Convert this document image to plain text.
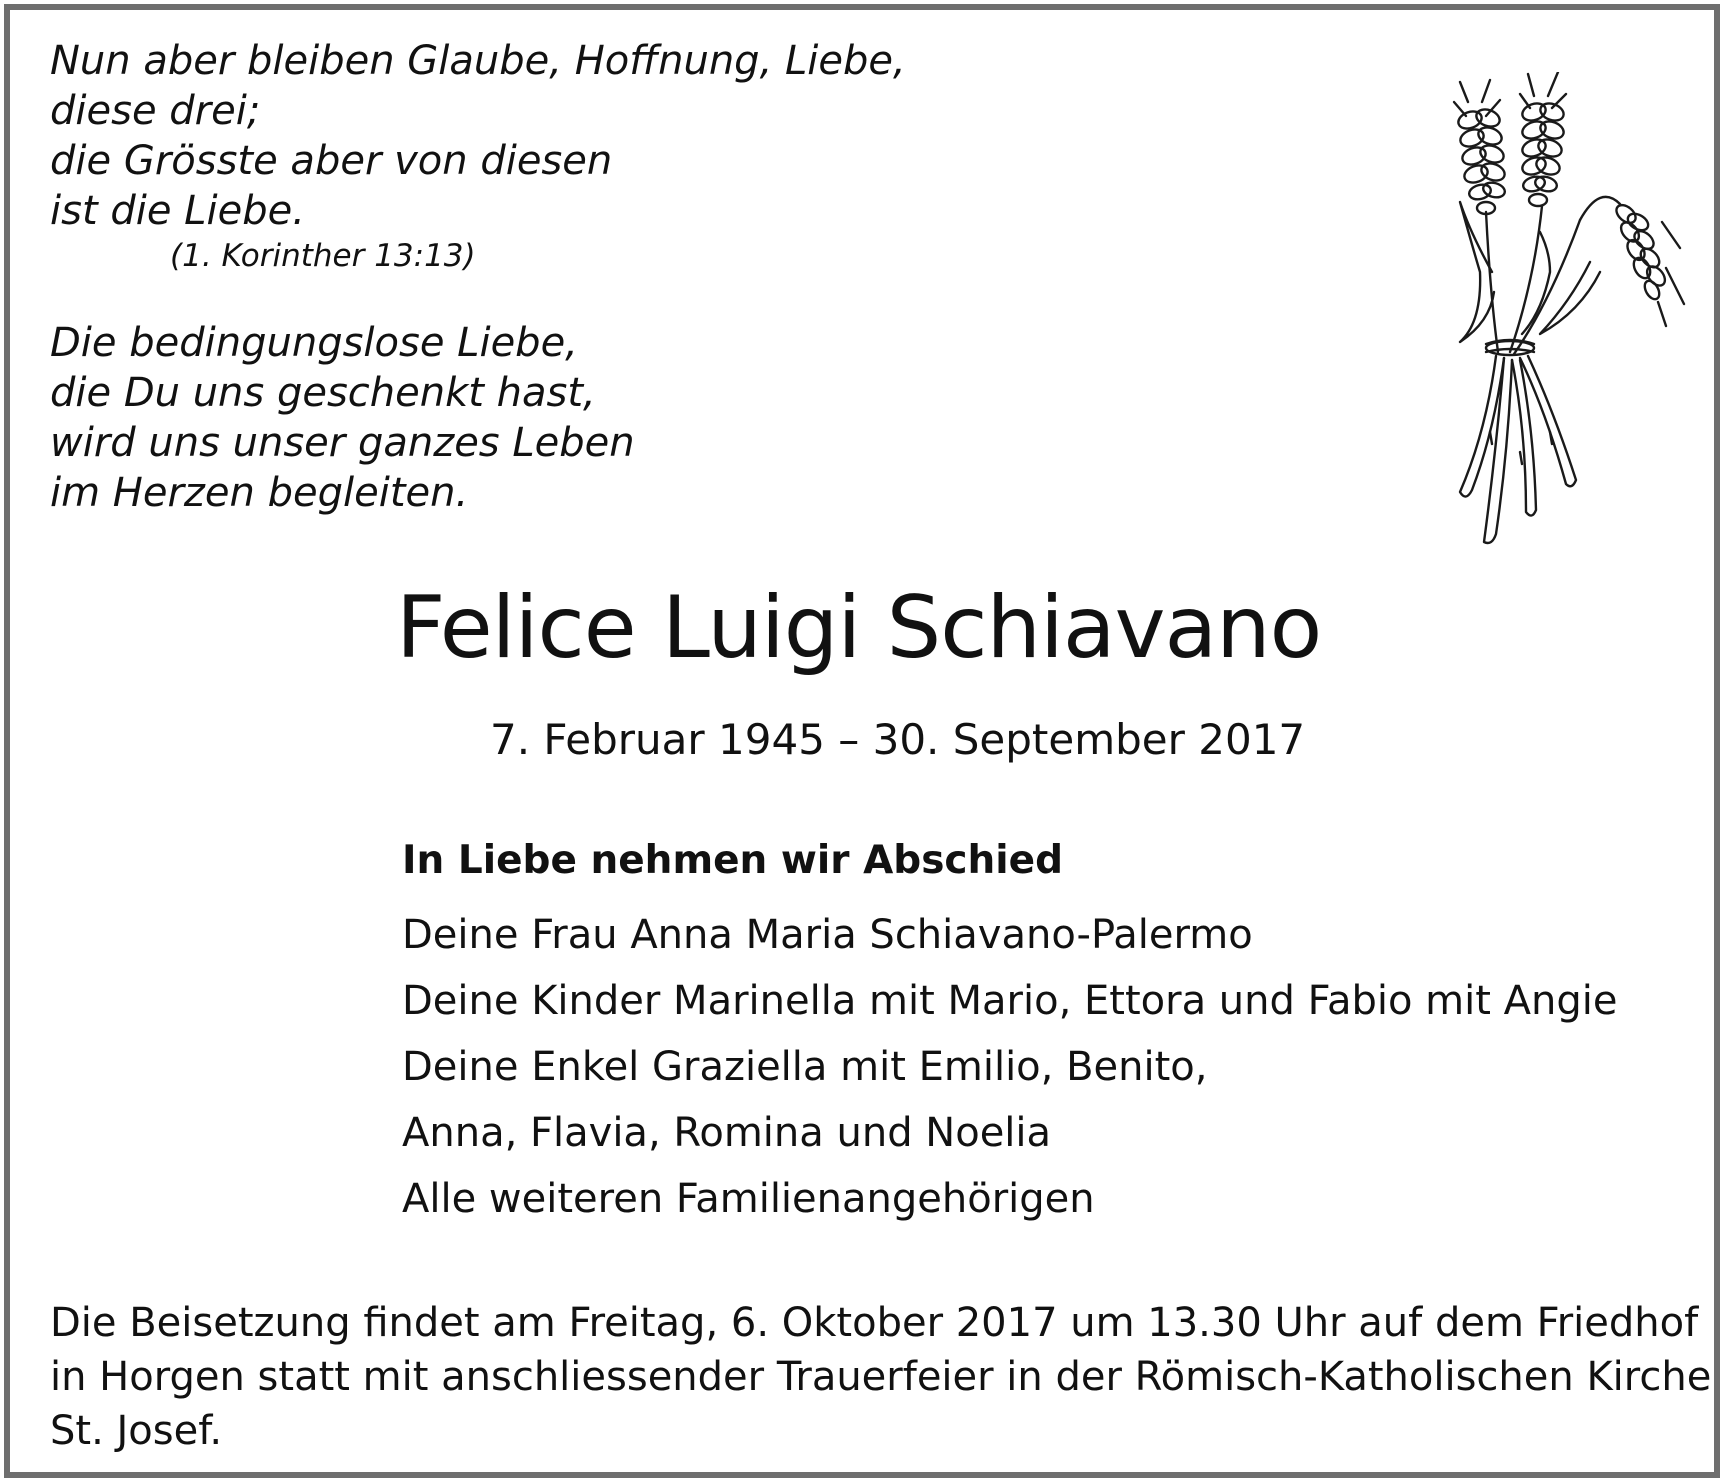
Nun aber bleiben Glaube, Hoffnung, Liebe,
diese drei;
die Grösste aber von diesen
ist die Liebe.

(1. Korinther 13:13)

Die bedingungslose Liebe,
die Du uns geschenkt hast,
wird uns unser ganzes Leben
im Herzen begleiten.

Felice Luigi Schiavano

7. Februar 1945 – 30. September 2017

In Liebe nehmen wir Abschied

Deine Frau Anna Maria Schiavano-Palermo
Deine Kinder Marinella mit Mario, Ettora und Fabio mit Angie
Deine Enkel Graziella mit Emilio, Benito,
Anna, Flavia, Romina und Noelia
Alle weiteren Familienangehörigen

Die Beisetzung findet am Freitag, 6. Oktober 2017 um 13.30 Uhr auf dem Friedhof
in Horgen statt mit anschliessender Trauerfeier in der Römisch-Katholischen Kirche
St. Josef.
